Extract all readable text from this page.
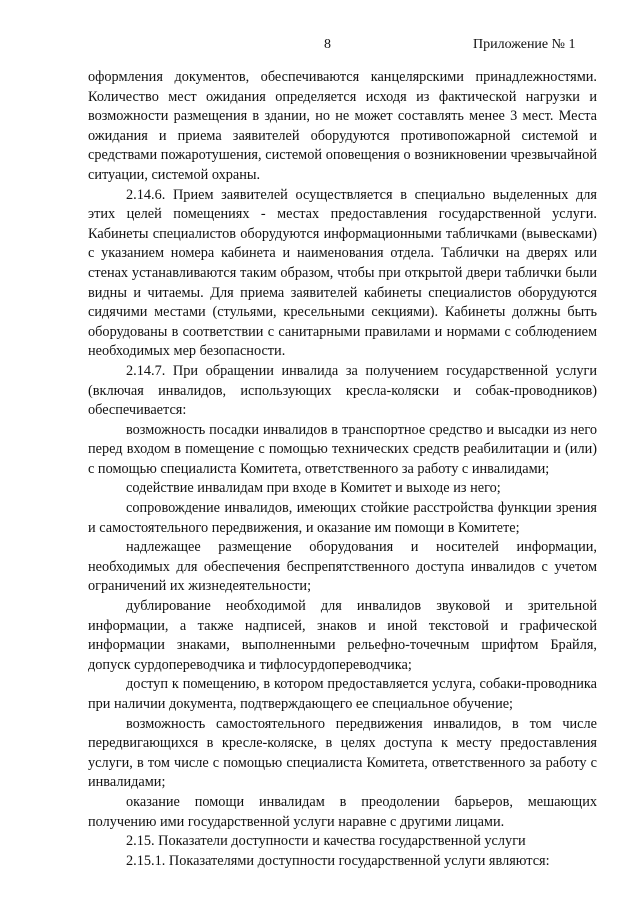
8	Приложение № 1

оформления документов, обеспечиваются канцелярскими принадлежностями. Количество мест ожидания определяется исходя из фактической нагрузки и возможности размещения в здании, но не может составлять менее 3 мест. Места ожидания и приема заявителей оборудуются противопожарной системой и средствами пожаротушения, системой оповещения о возникновении чрезвычайной ситуации, системой охраны.

2.14.6. Прием заявителей осуществляется в специально выделенных для этих целей помещениях - местах предоставления государственной услуги. Кабинеты специалистов оборудуются информационными табличками (вывесками) с указанием номера кабинета и наименования отдела. Таблички на дверях или стенах устанавливаются таким образом, чтобы при открытой двери таблички были видны и читаемы. Для приема заявителей кабинеты специалистов оборудуются сидячими местами (стульями, кресельными секциями). Кабинеты должны быть оборудованы в соответствии с санитарными правилами и нормами с соблюдением необходимых мер безопасности.

2.14.7. При обращении инвалида за получением государственной услуги (включая инвалидов, использующих кресла-коляски и собак-проводников) обеспечивается:

возможность посадки инвалидов в транспортное средство и высадки из него перед входом в помещение с помощью технических средств реабилитации и (или) с помощью специалиста Комитета, ответственного за работу с инвалидами;

содействие инвалидам при входе в Комитет и выходе из него;

сопровождение инвалидов, имеющих стойкие расстройства функции зрения и самостоятельного передвижения, и оказание им помощи в Комитете;

надлежащее размещение оборудования и носителей информации, необходимых для обеспечения беспрепятственного доступа инвалидов с учетом ограничений их жизнедеятельности;

дублирование необходимой для инвалидов звуковой и зрительной информации, а также надписей, знаков и иной текстовой и графической информации знаками, выполненными рельефно-точечным шрифтом Брайля, допуск сурдопереводчика и тифлосурдопереводчика;

доступ к помещению, в котором предоставляется услуга, собаки-проводника при наличии документа, подтверждающего ее специальное обучение;

возможность самостоятельного передвижения инвалидов, в том числе передвигающихся в кресле-коляске, в целях доступа к месту предоставления услуги, в том числе с помощью специалиста Комитета, ответственного за работу с инвалидами;

оказание помощи инвалидам в преодолении барьеров, мешающих получению ими государственной услуги наравне с другими лицами.

2.15. Показатели доступности и качества государственной услуги

2.15.1. Показателями доступности государственной услуги являются:
